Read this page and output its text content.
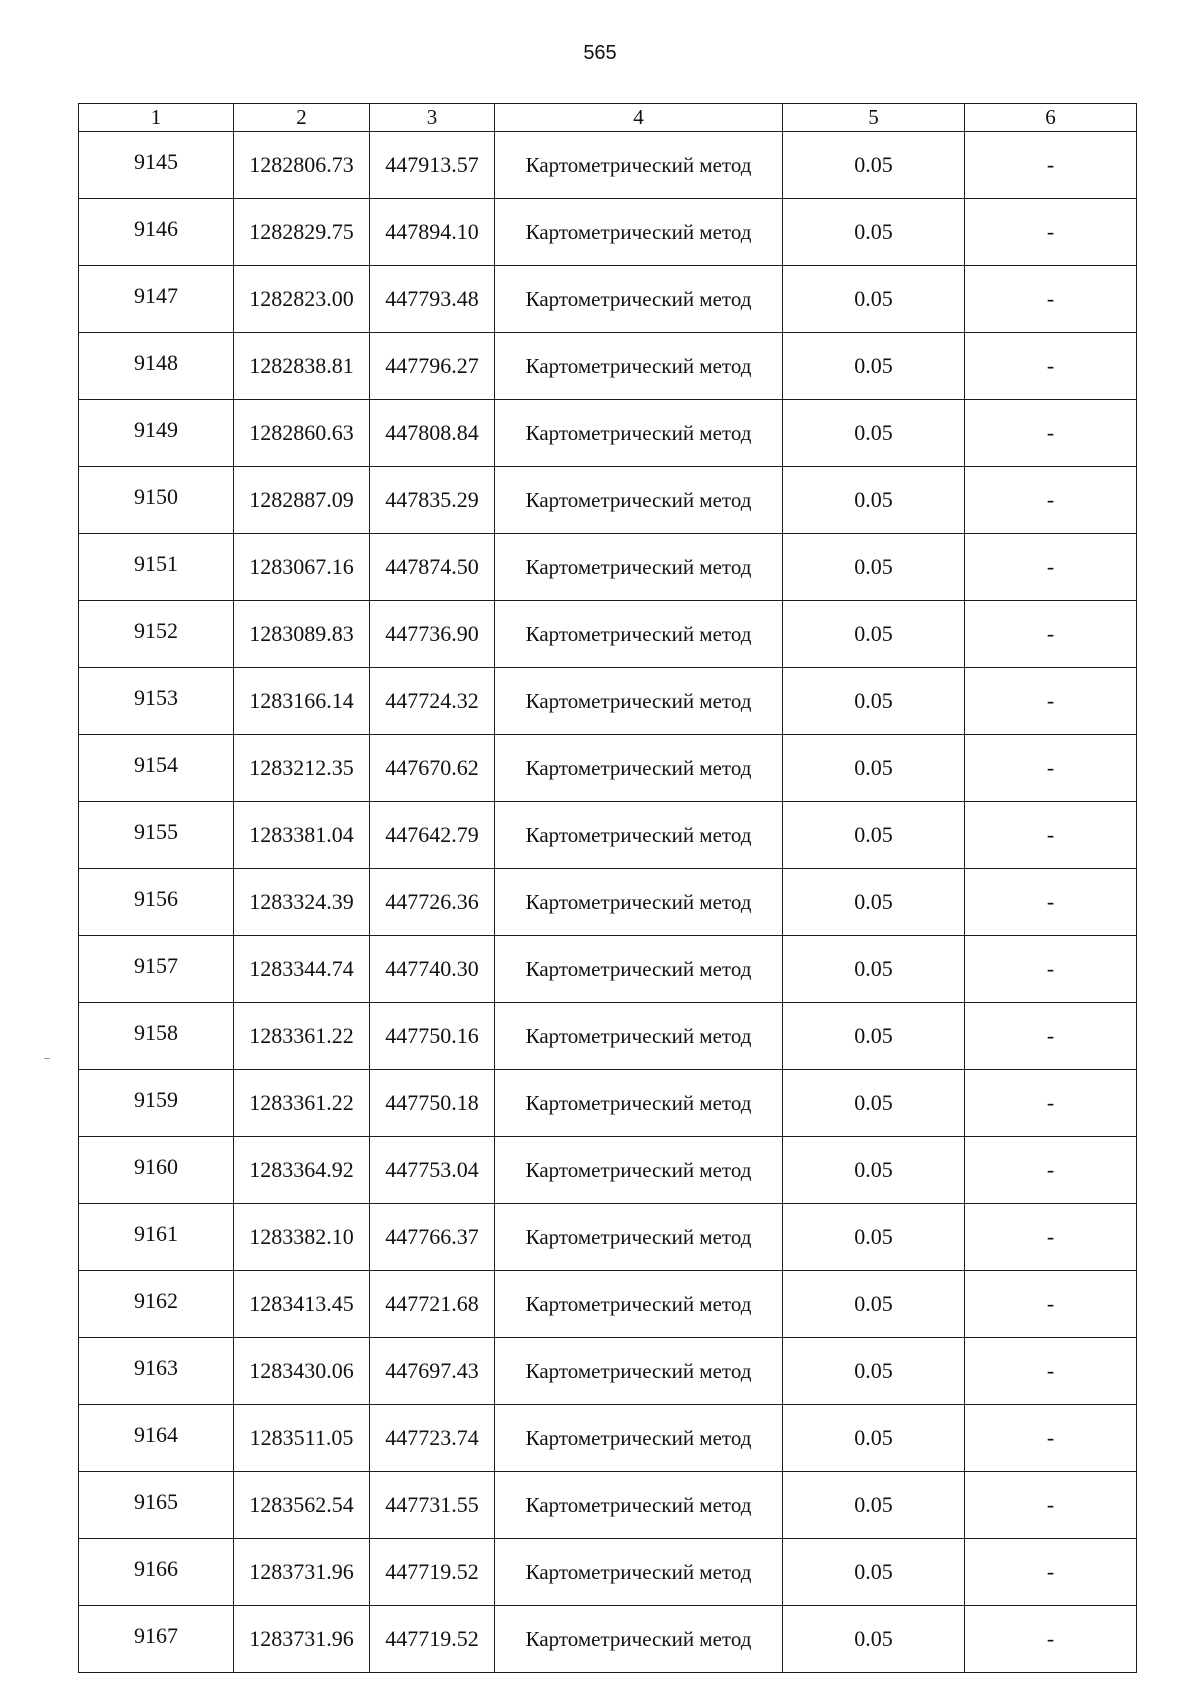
565
1	2	3	4	5	6
9145	1282806.73	447913.57	Картометрический метод	0.05	-
9146	1282829.75	447894.10	Картометрический метод	0.05	-
9147	1282823.00	447793.48	Картометрический метод	0.05	-
9148	1282838.81	447796.27	Картометрический метод	0.05	-
9149	1282860.63	447808.84	Картометрический метод	0.05	-
9150	1282887.09	447835.29	Картометрический метод	0.05	-
9151	1283067.16	447874.50	Картометрический метод	0.05	-
9152	1283089.83	447736.90	Картометрический метод	0.05	-
9153	1283166.14	447724.32	Картометрический метод	0.05	-
9154	1283212.35	447670.62	Картометрический метод	0.05	-
9155	1283381.04	447642.79	Картометрический метод	0.05	-
9156	1283324.39	447726.36	Картометрический метод	0.05	-
9157	1283344.74	447740.30	Картометрический метод	0.05	-
9158	1283361.22	447750.16	Картометрический метод	0.05	-
9159	1283361.22	447750.18	Картометрический метод	0.05	-
9160	1283364.92	447753.04	Картометрический метод	0.05	-
9161	1283382.10	447766.37	Картометрический метод	0.05	-
9162	1283413.45	447721.68	Картометрический метод	0.05	-
9163	1283430.06	447697.43	Картометрический метод	0.05	-
9164	1283511.05	447723.74	Картометрический метод	0.05	-
9165	1283562.54	447731.55	Картометрический метод	0.05	-
9166	1283731.96	447719.52	Картометрический метод	0.05	-
9167	1283731.96	447719.52	Картометрический метод	0.05	-
